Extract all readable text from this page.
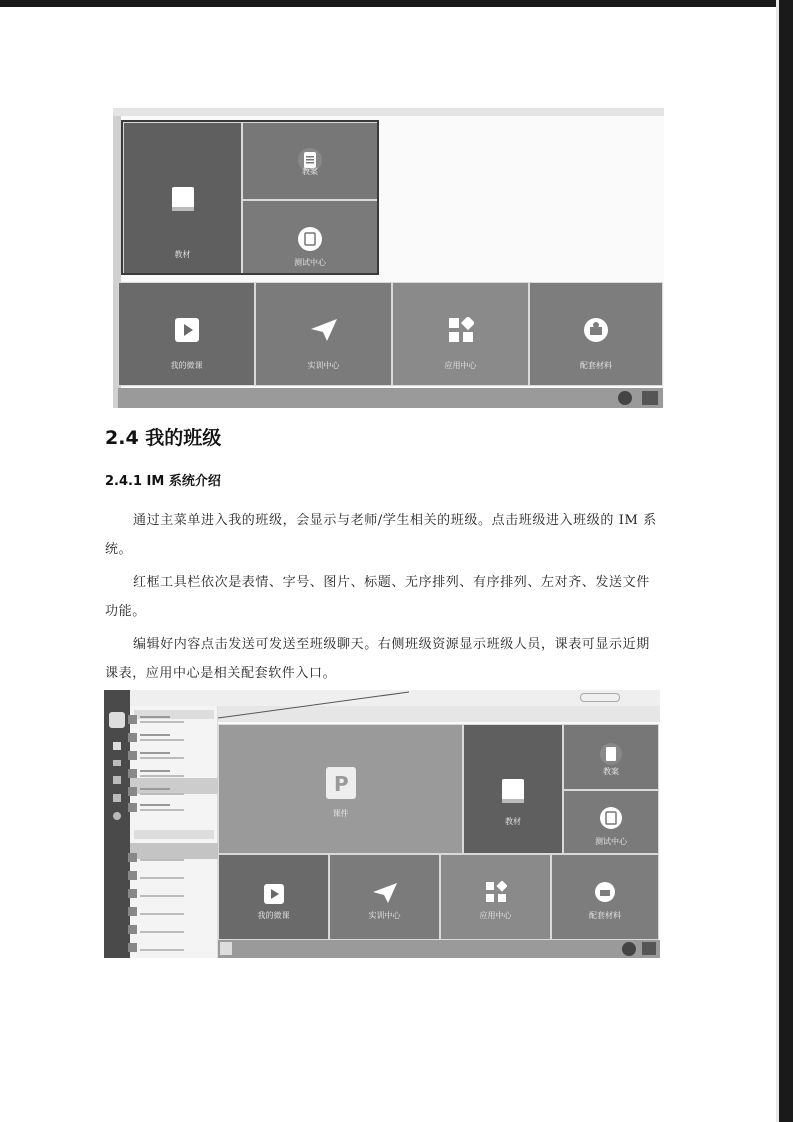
教材
教案
测试中心
我的微课	实训中心	应用中心	配套材料
2.4 我的班级
2.4.1 IM 系统介绍

通过主菜单进入我的班级，会显示与老师/学生相关的班级。点击班级进入班级的 IM 系统。

红框工具栏依次是表情、字号、图片、标题、无序排列、有序排列、左对齐、发送文件功能。

编辑好内容点击发送可发送至班级聊天。右侧班级资源显示班级人员，课表可显示近期课表，应用中心是相关配套软件入口。

P
课件
教材
教案
测试中心
我的微课	实训中心	应用中心	配套材料
